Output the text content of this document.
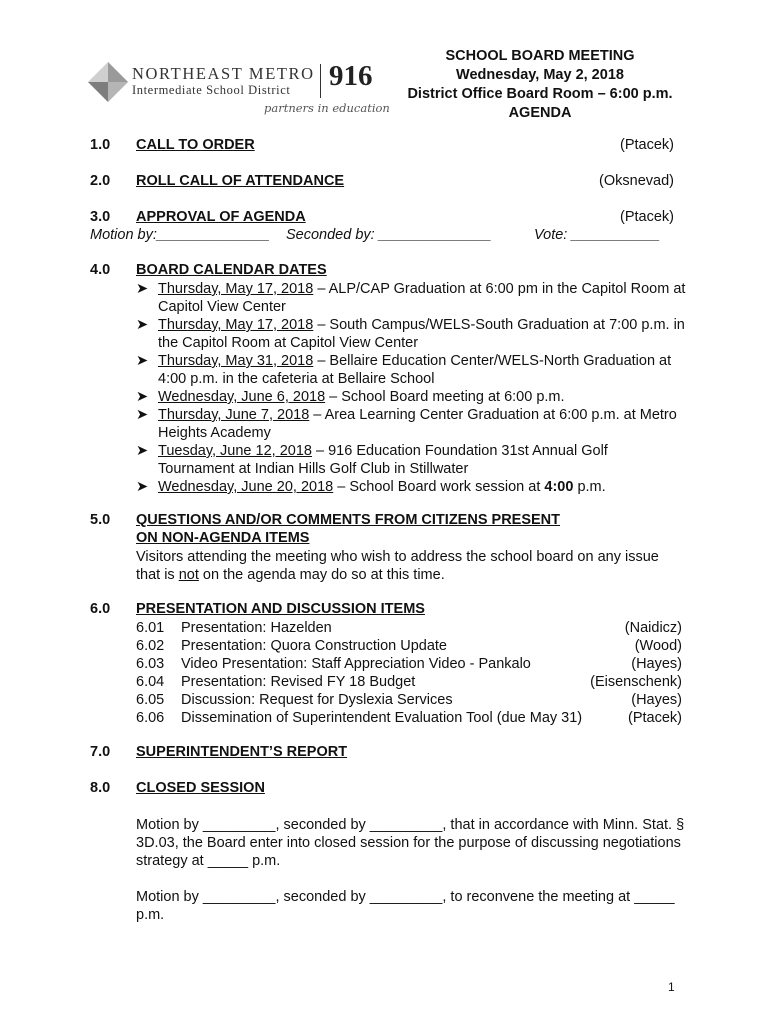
NORTHEAST METRO
Intermediate School District 916
partners in education
SCHOOL BOARD MEETING
Wednesday, May 2, 2018
District Office Board Room – 6:00 p.m.
AGENDA
1.0 CALL TO ORDER	(Ptacek)
2.0 ROLL CALL OF ATTENDANCE	(Oksnevad)
3.0 APPROVAL OF AGENDA	(Ptacek)
Motion by:______________ Seconded by: ______________	Vote: ___________
4.0 BOARD CALENDAR DATES
➤ Thursday, May 17, 2018 – ALP/CAP Graduation at 6:00 pm in the Capitol Room at Capitol View Center
➤ Thursday, May 17, 2018 – South Campus/WELS-South Graduation at 7:00 p.m. in the Capitol Room at Capitol View Center
➤ Thursday, May 31, 2018 – Bellaire Education Center/WELS-North Graduation at 4:00 p.m. in the cafeteria at Bellaire School
➤ Wednesday, June 6, 2018 – School Board meeting at 6:00 p.m.
➤ Thursday, June 7, 2018 – Area Learning Center Graduation at 6:00 p.m. at Metro Heights Academy
➤ Tuesday, June 12, 2018 – 916 Education Foundation 31st Annual Golf Tournament at Indian Hills Golf Club in Stillwater
➤ Wednesday, June 20, 2018 – School Board work session at 4:00 p.m.
5.0 QUESTIONS AND/OR COMMENTS FROM CITIZENS PRESENT
ON NON-AGENDA ITEMS
Visitors attending the meeting who wish to address the school board on any issue that is not on the agenda may do so at this time.
6.0 PRESENTATION AND DISCUSSION ITEMS
6.01 Presentation: Hazelden	(Naidicz)
6.02 Presentation: Quora Construction Update	(Wood)
6.03 Video Presentation: Staff Appreciation Video - Pankalo	(Hayes)
6.04 Presentation: Revised FY 18 Budget	(Eisenschenk)
6.05 Discussion: Request for Dyslexia Services	(Hayes)
6.06 Dissemination of Superintendent Evaluation Tool (due May 31)	(Ptacek)
7.0 SUPERINTENDENT’S REPORT
8.0 CLOSED SESSION
Motion by _________, seconded by _________, that in accordance with Minn. Stat. § 3D.03, the Board enter into closed session for the purpose of discussing negotiations strategy at _____ p.m.
Motion by _________, seconded by _________, to reconvene the meeting at _____ p.m.
1
